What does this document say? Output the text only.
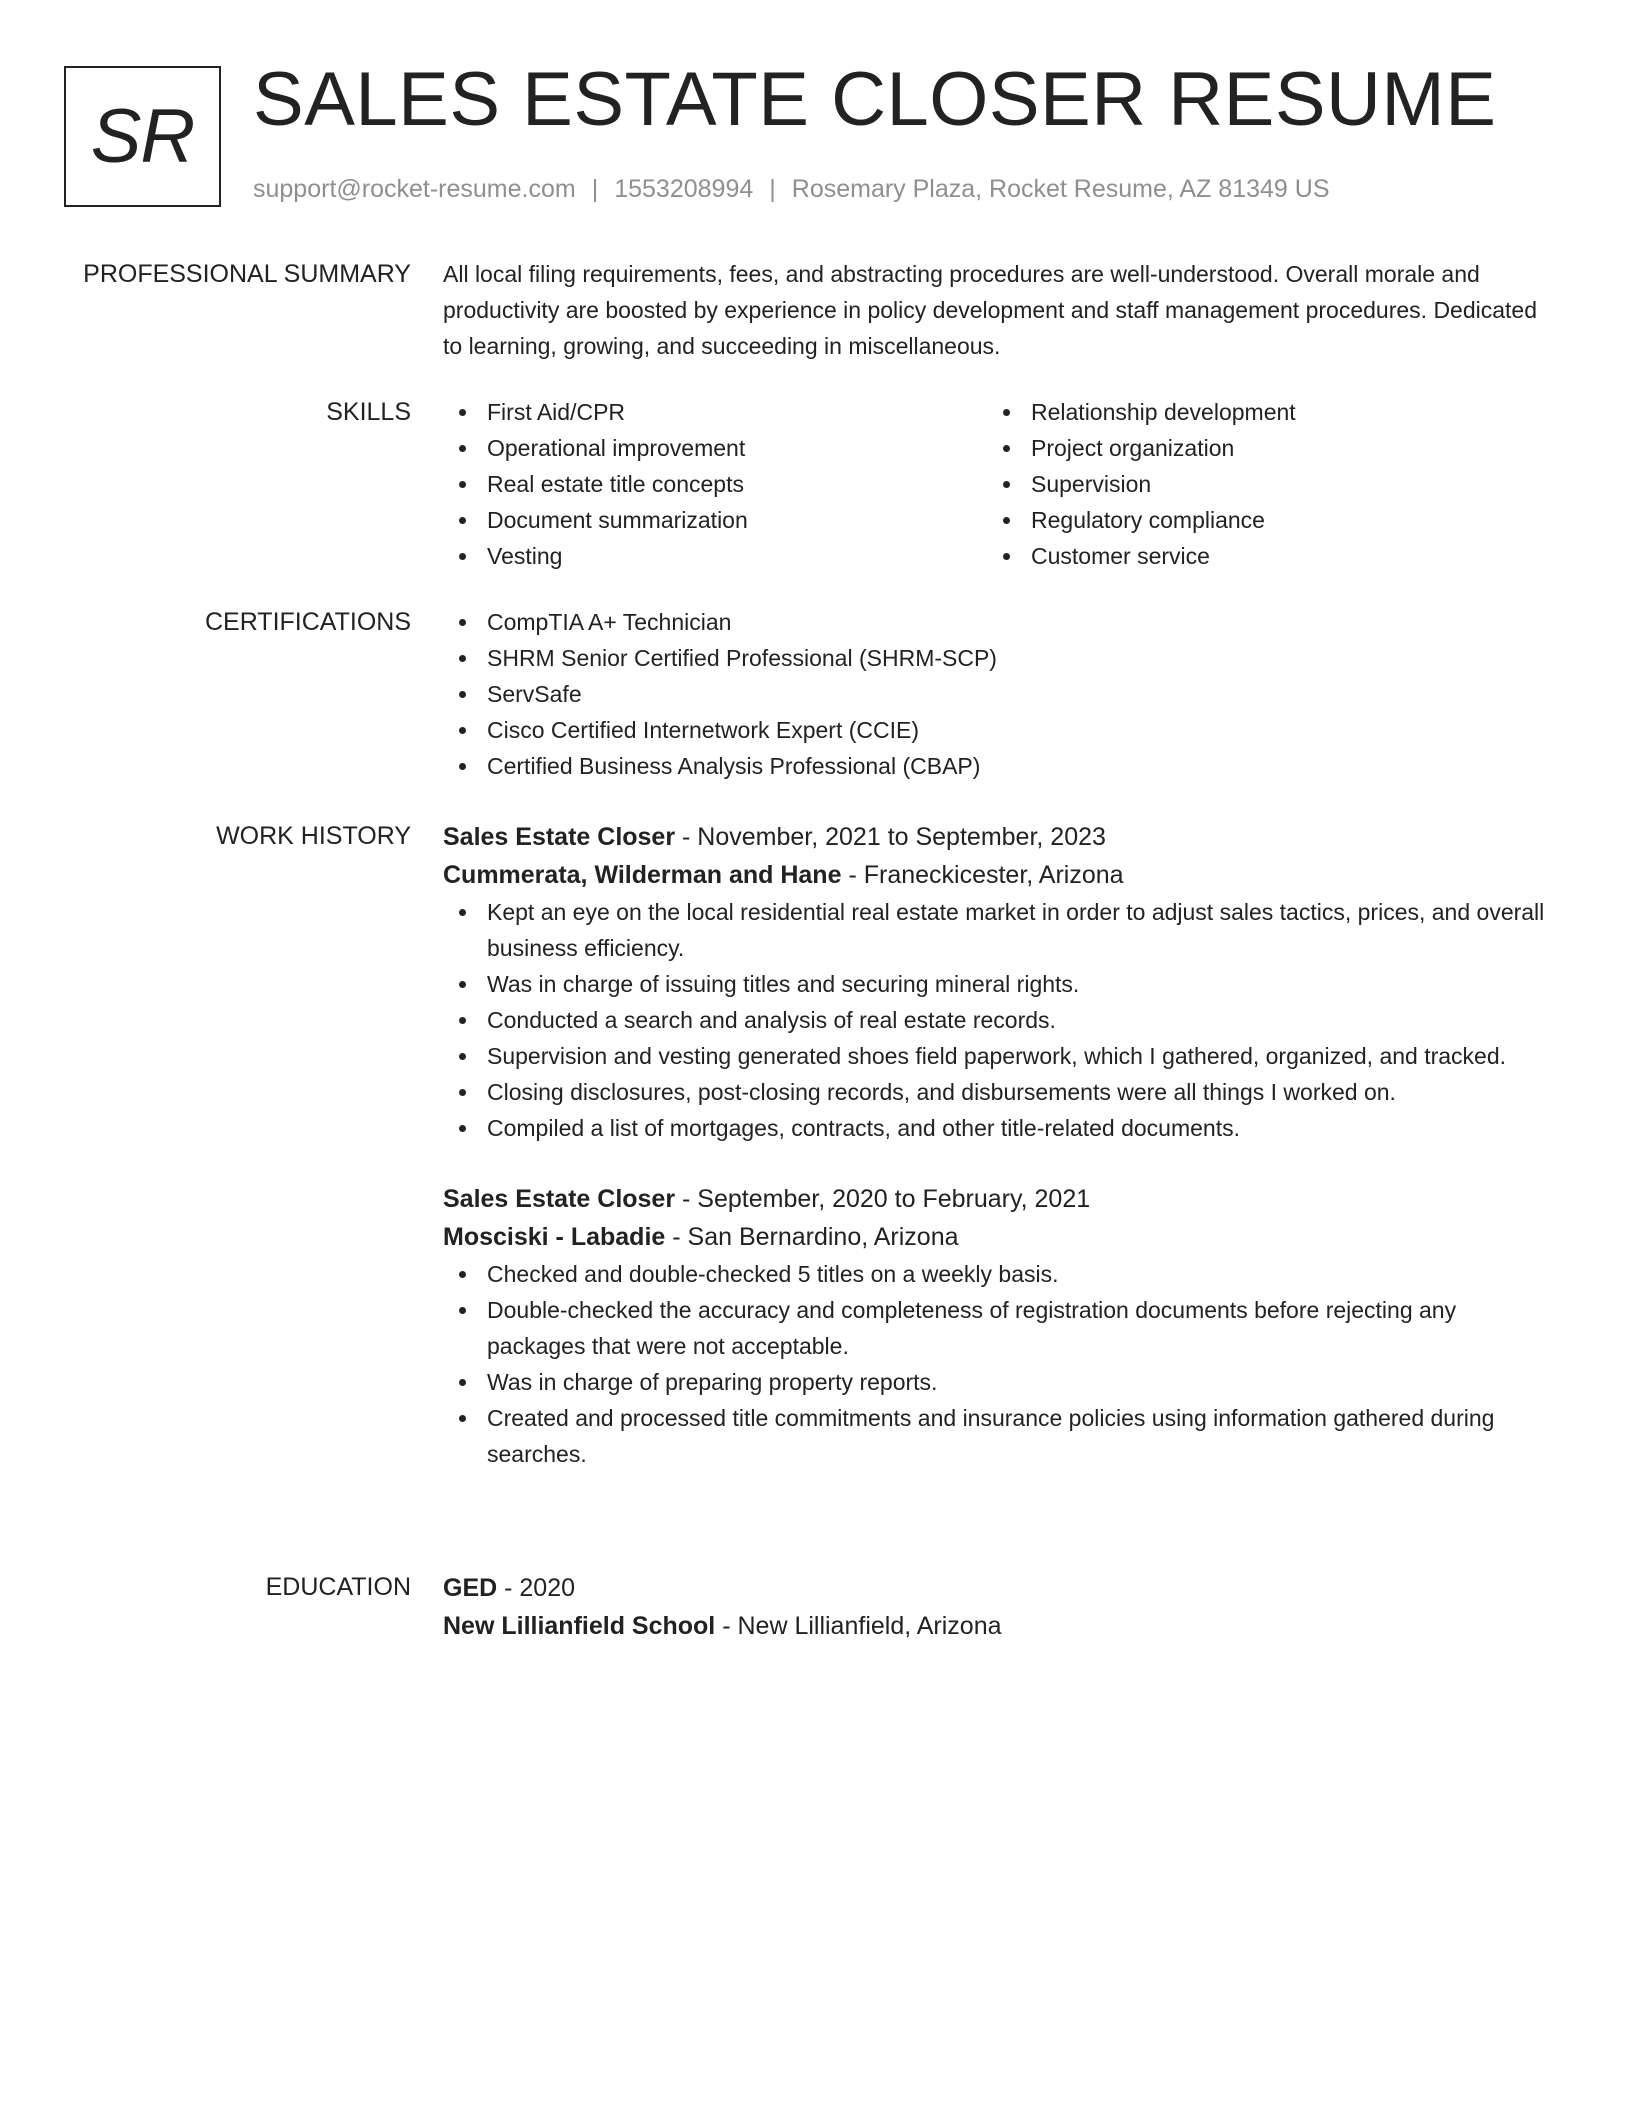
SR SALES ESTATE CLOSER RESUME
support@rocket-resume.com | 1553208994 | Rosemary Plaza, Rocket Resume, AZ 81349 US
PROFESSIONAL SUMMARY All local filing requirements, fees, and abstracting procedures are well-understood. Overall morale and productivity are boosted by experience in policy development and staff management procedures. Dedicated to learning, growing, and succeeding in miscellaneous.

SKILLS	First Aid/CPR
Operational improvement
Real estate title concepts
Document summarization
Vesting
Relationship development
Project organization
Supervision
Regulatory compliance
Customer service
CERTIFICATIONS	CompTIA A+ Technician
SHRM Senior Certified Professional (SHRM-SCP)
ServSafe
Cisco Certified Internetwork Expert (CCIE)
Certified Business Analysis Professional (CBAP)
WORK HISTORY Sales Estate Closer - November, 2021 to September, 2023
Cummerata, Wilderman and Hane - Franeckicester, Arizona
Kept an eye on the local residential real estate market in order to adjust sales tactics, prices, and overall business efficiency.
Was in charge of issuing titles and securing mineral rights.
Conducted a search and analysis of real estate records.
Supervision and vesting generated shoes field paperwork, which I gathered, organized, and tracked.
Closing disclosures, post-closing records, and disbursements were all things I worked on.
Compiled a list of mortgages, contracts, and other title-related documents.
Sales Estate Closer - September, 2020 to February, 2021
Mosciski - Labadie - San Bernardino, Arizona
Checked and double-checked 5 titles on a weekly basis.
Double-checked the accuracy and completeness of registration documents before rejecting any packages that were not acceptable.
Was in charge of preparing property reports.
Created and processed title commitments and insurance policies using information gathered during searches.
EDUCATION GED - 2020
New Lillianfield School - New Lillianfield, Arizona
